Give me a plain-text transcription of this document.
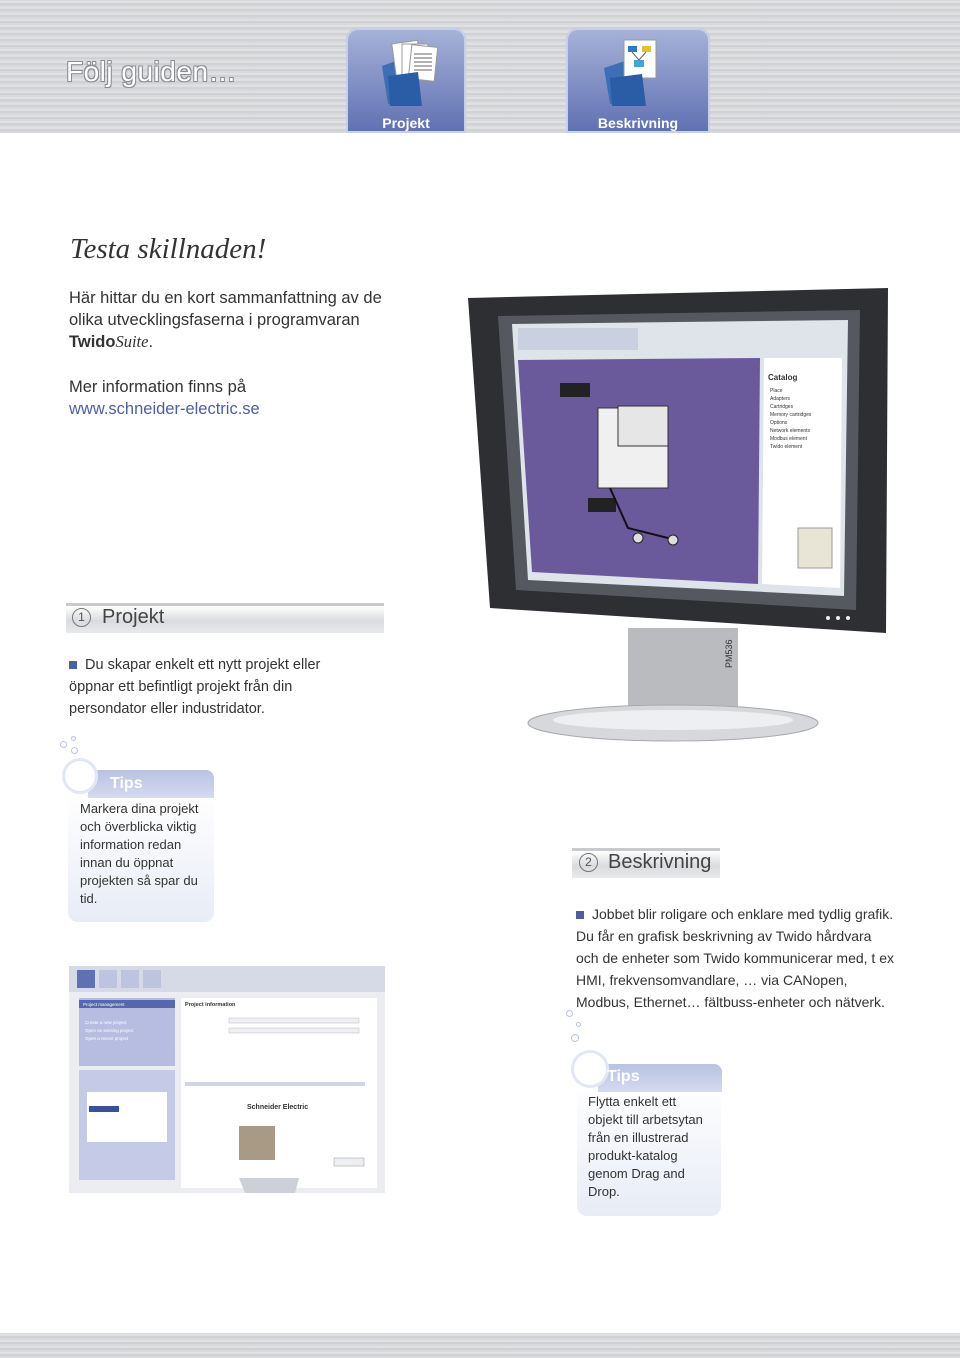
Följ guiden…
Projekt	Beskrivning
Testa skillnaden!
Här hittar du en kort sammanfattning av de olika utvecklingsfaserna i programvaran TwidoSuite.
Mer information finns på
www.schneider-electric.se
Catalog
Place
Adapters
Cartridges
Memory cartridges
Options
Network elements
Modbus element
Twido element
PM536
1 Projekt
Du skapar enkelt ett nytt projekt eller öppnar ett befintligt projekt från din persondator eller industridator.
Tips
Markera dina projekt och överblicka viktig information redan innan du öppnat projekten så spar du tid.
2 Beskrivning
Jobbet blir roligare och enklare med tydlig grafik. Du får en grafisk beskrivning av Twido hårdvara och de enheter som Twido kommunicerar med, t ex HMI, frekvensomvandlare, … via CANopen, Modbus, Ethernet… fältbuss-enheter och nätverk.
Tips
Flytta enkelt ett objekt till arbetsytan från en illustrerad produkt-katalog genom Drag and Drop.
Project management
Create a new project
Open an existing project
Open a recent project
Project information
Schneider Electric
